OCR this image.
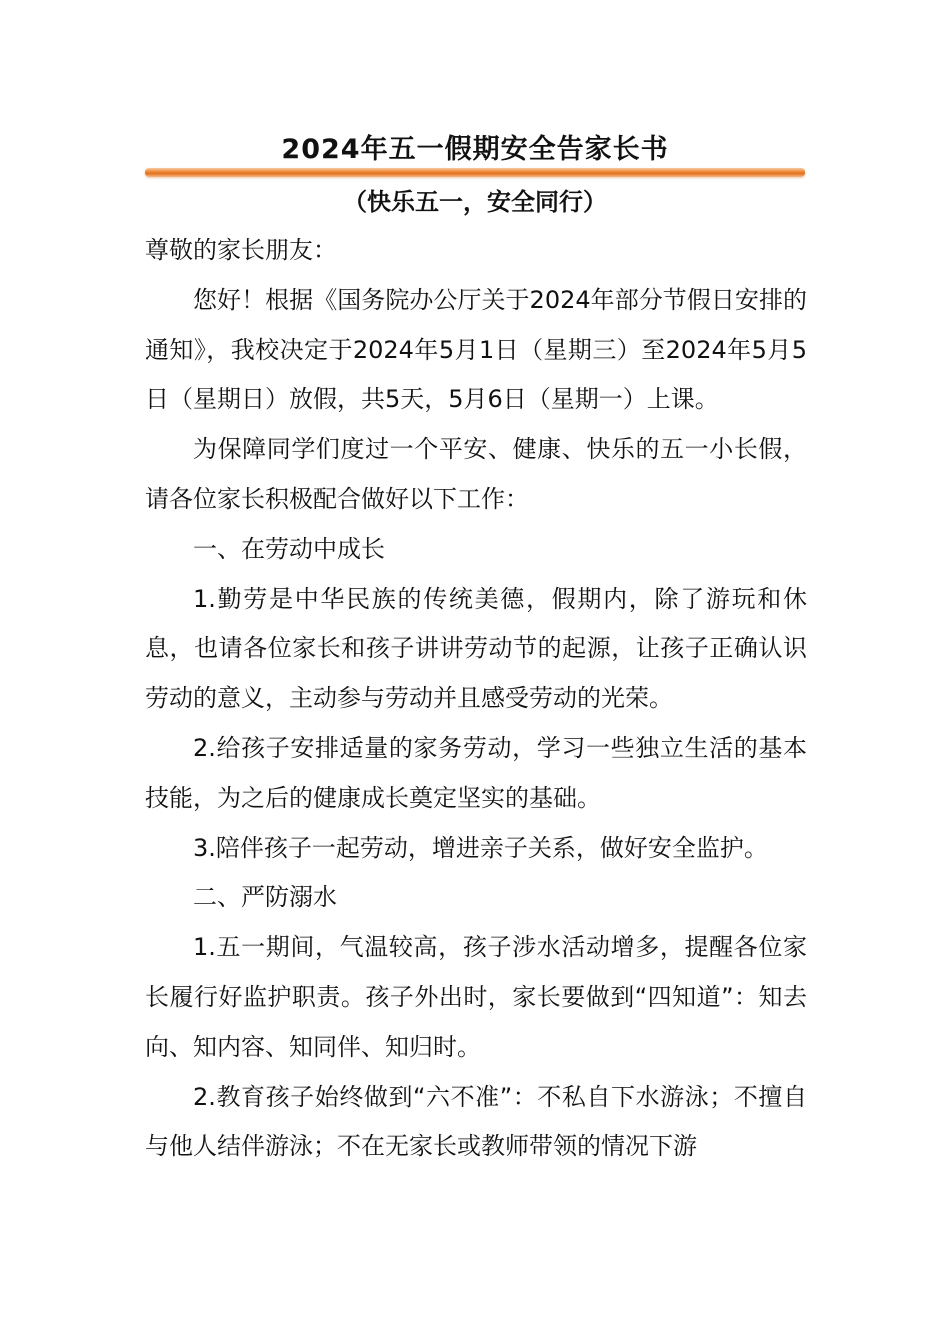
2024年五一假期安全告家长书
（快乐五一，安全同行）

尊敬的家长朋友：

您好！根据《国务院办公厅关于2024年部分节假日安排的通知》，我校决定于2024年5月1日（星期三）至2024年5月5日（星期日）放假，共5天，5月6日（星期一）上课。

为保障同学们度过一个平安、健康、快乐的五一小长假，请各位家长积极配合做好以下工作：

一、在劳动中成长

1.勤劳是中华民族的传统美德，假期内，除了游玩和休息，也请各位家长和孩子讲讲劳动节的起源，让孩子正确认识劳动的意义，主动参与劳动并且感受劳动的光荣。

2.给孩子安排适量的家务劳动，学习一些独立生活的基本技能，为之后的健康成长奠定坚实的基础。

3.陪伴孩子一起劳动，增进亲子关系，做好安全监护。

二、严防溺水

1.五一期间，气温较高，孩子涉水活动增多，提醒各位家长履行好监护职责。孩子外出时，家长要做到“四知道”：知去向、知内容、知同伴、知归时。

2.教育孩子始终做到“六不准”：不私自下水游泳；不擅自与他人结伴游泳；不在无家长或教师带领的情况下游
